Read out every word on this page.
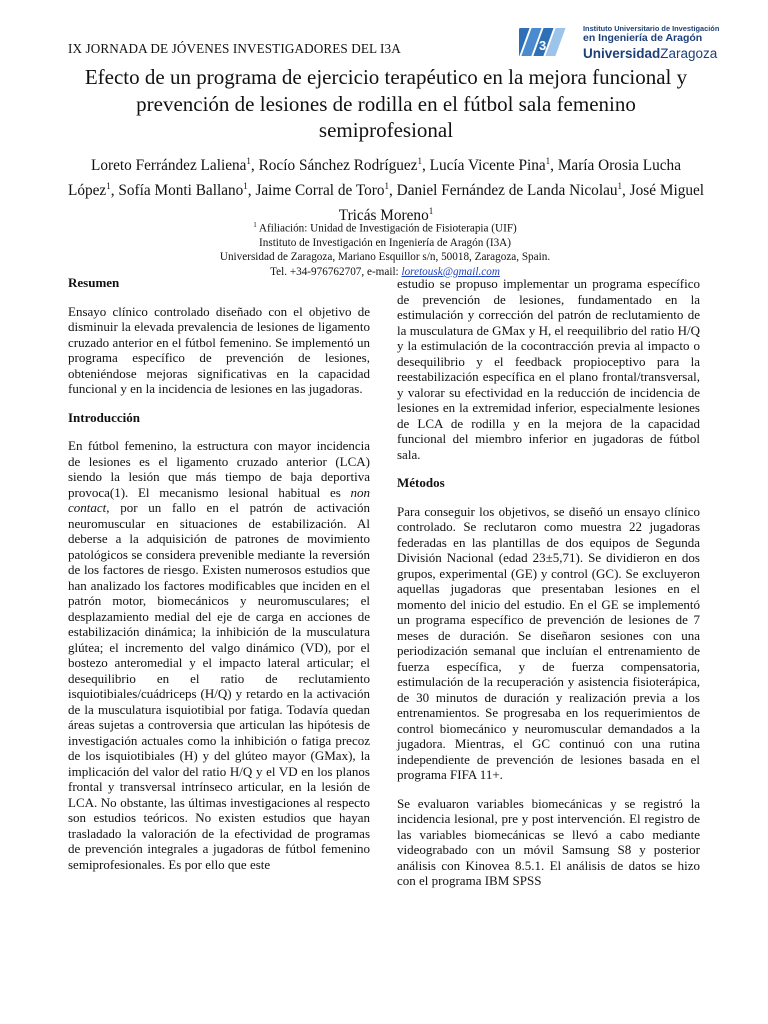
IX JORNADA DE JÓVENES INVESTIGADORES DEL I3A	3
Instituto Universitario de Investigación
en Ingeniería de Aragón
UniversidadZaragoza
Efecto de un programa de ejercicio terapéutico en la mejora funcional y prevención de lesiones de rodilla en el fútbol sala femenino semiprofesional
Loreto Ferrández Laliena$^1$, Rocío Sánchez Rodríguez$^1$, Lucía Vicente Pina$^1$, María Orosia Lucha López$^1$, Sofía Monti Ballano$^1$, Jaime Corral de Toro$^1$, Daniel Fernández de Landa Nicolau$^1$, José Miguel Tricás Moreno$^1$
$^1$ Afiliación: Unidad de Investigación de Fisioterapia (UIF)
Instituto de Investigación en Ingeniería de Aragón (I3A)
Universidad de Zaragoza, Mariano Esquillor s/n, 50018, Zaragoza, Spain.
Tel. +34-976762707, e-mail: loretousk@gmail.com
Resumen

Ensayo clínico controlado diseñado con el objetivo de disminuir la elevada prevalencia de lesiones de ligamento cruzado anterior en el fútbol femenino. Se implementó un programa específico de prevención de lesiones, obteniéndose mejoras significativas en la capacidad funcional y en la incidencia de lesiones en las jugadoras.

Introducción

En fútbol femenino, la estructura con mayor incidencia de lesiones es el ligamento cruzado anterior (LCA) siendo la lesión que más tiempo de baja deportiva provoca(1). El mecanismo lesional habitual es non contact, por un fallo en el patrón de activación neuromuscular en situaciones de estabilización. Al deberse a la adquisición de patrones de movimiento patológicos se considera prevenible mediante la reversión de los factores de riesgo. Existen numerosos estudios que han analizado los factores modificables que inciden en el patrón motor, biomecánicos y neuromusculares; el desplazamiento medial del eje de carga en acciones de estabilización dinámica; la inhibición de la musculatura glútea; el incremento del valgo dinámico (VD), por el bostezo anteromedial y el impacto lateral articular; el desequilibrio en el ratio de reclutamiento isquiotibiales/cuádriceps (H/Q) y retardo en la activación de la musculatura isquiotibial por fatiga. Todavía quedan áreas sujetas a controversia que articulan las hipótesis de investigación actuales como la inhibición o fatiga precoz de los isquiotibiales (H) y del glúteo mayor (GMax), la implicación del valor del ratio H/Q y el VD en los planos frontal y transversal intrínseco articular, en la lesión de LCA. No obstante, las últimas investigaciones al respecto son estudios teóricos. No existen estudios que hayan trasladado la valoración de la efectividad de programas de prevención integrales a jugadoras de fútbol femenino semiprofesionales. Es por ello que este

estudio se propuso implementar un programa específico de prevención de lesiones, fundamentado en la estimulación y corrección del patrón de reclutamiento de la musculatura de GMax y H, el reequilibrio del ratio H/Q y la estimulación de la cocontracción previa al impacto o desequilibrio y el feedback propioceptivo para la reestabilización específica en el plano frontal/transversal, y valorar su efectividad en la reducción de incidencia de lesiones en la extremidad inferior, especialmente lesiones de LCA de rodilla y en la mejora de la capacidad funcional del miembro inferior en jugadoras de fútbol sala.

Métodos

Para conseguir los objetivos, se diseñó un ensayo clínico controlado. Se reclutaron como muestra 22 jugadoras federadas en las plantillas de dos equipos de Segunda División Nacional (edad 23±5,71). Se dividieron en dos grupos, experimental (GE) y control (GC). Se excluyeron aquellas jugadoras que presentaban lesiones en el momento del inicio del estudio. En el GE se implementó un programa específico de prevención de lesiones de 7 meses de duración. Se diseñaron sesiones con una periodización semanal que incluían el entrenamiento de fuerza específica, y de fuerza compensatoria, estimulación de la recuperación y asistencia fisioterápica, de 30 minutos de duración y realización previa a los entrenamientos. Se progresaba en los requerimientos de control biomecánico y neuromuscular demandados a la jugadora. Mientras, el GC continuó con una rutina independiente de prevención de lesiones basada en el programa FIFA 11+.

Se evaluaron variables biomecánicas y se registró la incidencia lesional, pre y post intervención. El registro de las variables biomecánicas se llevó a cabo mediante videograbado con un móvil Samsung S8 y posterior análisis con Kinovea 8.5.1. El análisis de datos se hizo con el programa IBM SPSS
